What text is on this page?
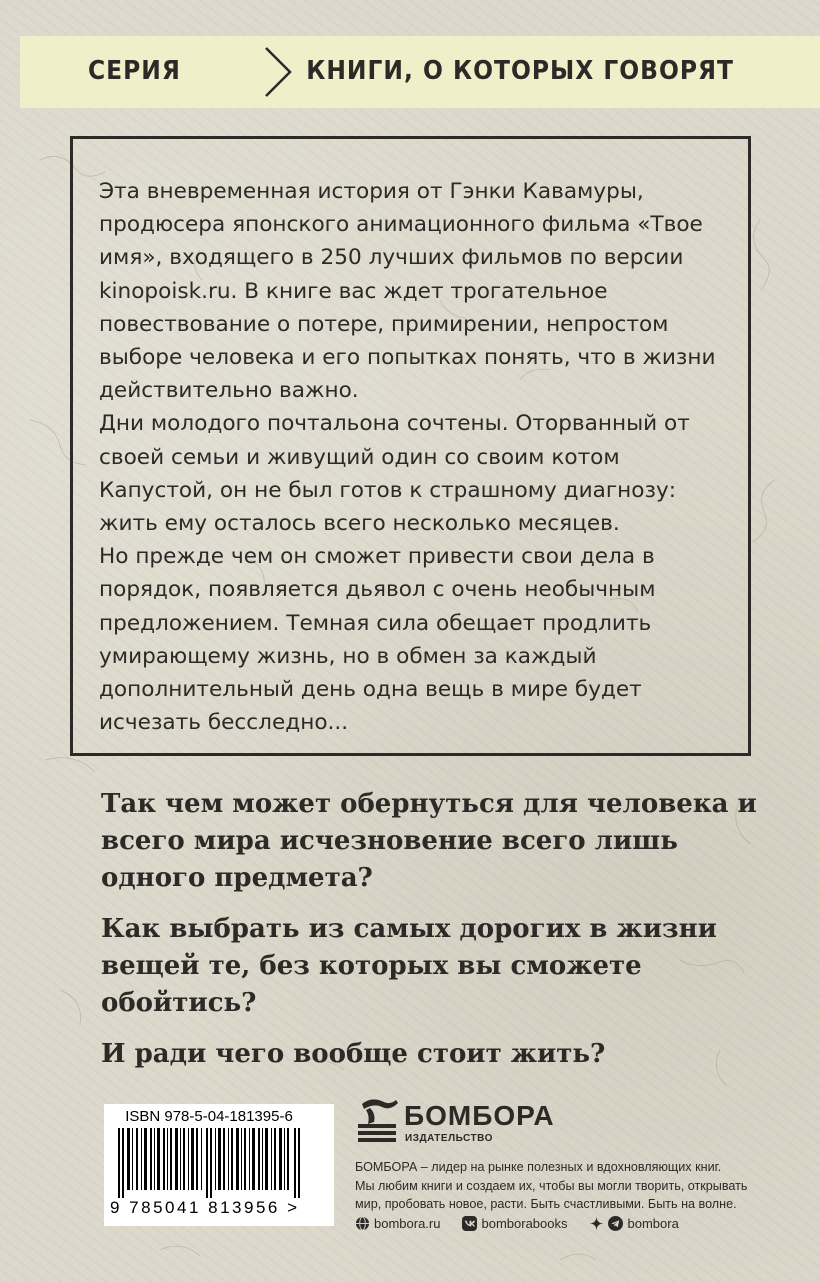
СЕРИЯ	КНИГИ, О КОТОРЫХ ГОВОРЯТ

Эта вневременная история от Гэнки Кавамуры, продюсера японского анимационного фильма «Твое имя», входящего в 250 лучших фильмов по версии kinopoisk.ru. В книге вас ждет трогательное повествование о потере, примирении, непростом выборе человека и его попытках понять, что в жизни действительно важно.

Дни молодого почтальона сочтены. Оторванный от своей семьи и живущий один со своим котом Капустой, он не был готов к страшному диагнозу: жить ему осталось всего несколько месяцев.

Но прежде чем он сможет привести свои дела в порядок, появляется дьявол с очень необычным предложением. Темная сила обещает продлить умирающему жизнь, но в обмен за каждый дополнительный день одна вещь в мире будет исчезать бесследно...

Так чем может обернуться для человека и всего мира исчезновение всего лишь одного предмета?

Как выбрать из самых дорогих в жизни вещей те, без которых вы сможете обойтись?

И ради чего вообще стоит жить?

ISBN 978-5-04-181395-6
9 785041 813956 >
БОМБОРА
ИЗДАТЕЛЬСТВО

БОМБОРА – лидер на рынке полезных и вдохновляющих книг.

Мы любим книги и создаем их, чтобы вы могли творить, открывать

мир, пробовать новое, расти. Быть счастливыми. Быть на волне.

bombora.ru	bomborabooks	bombora
